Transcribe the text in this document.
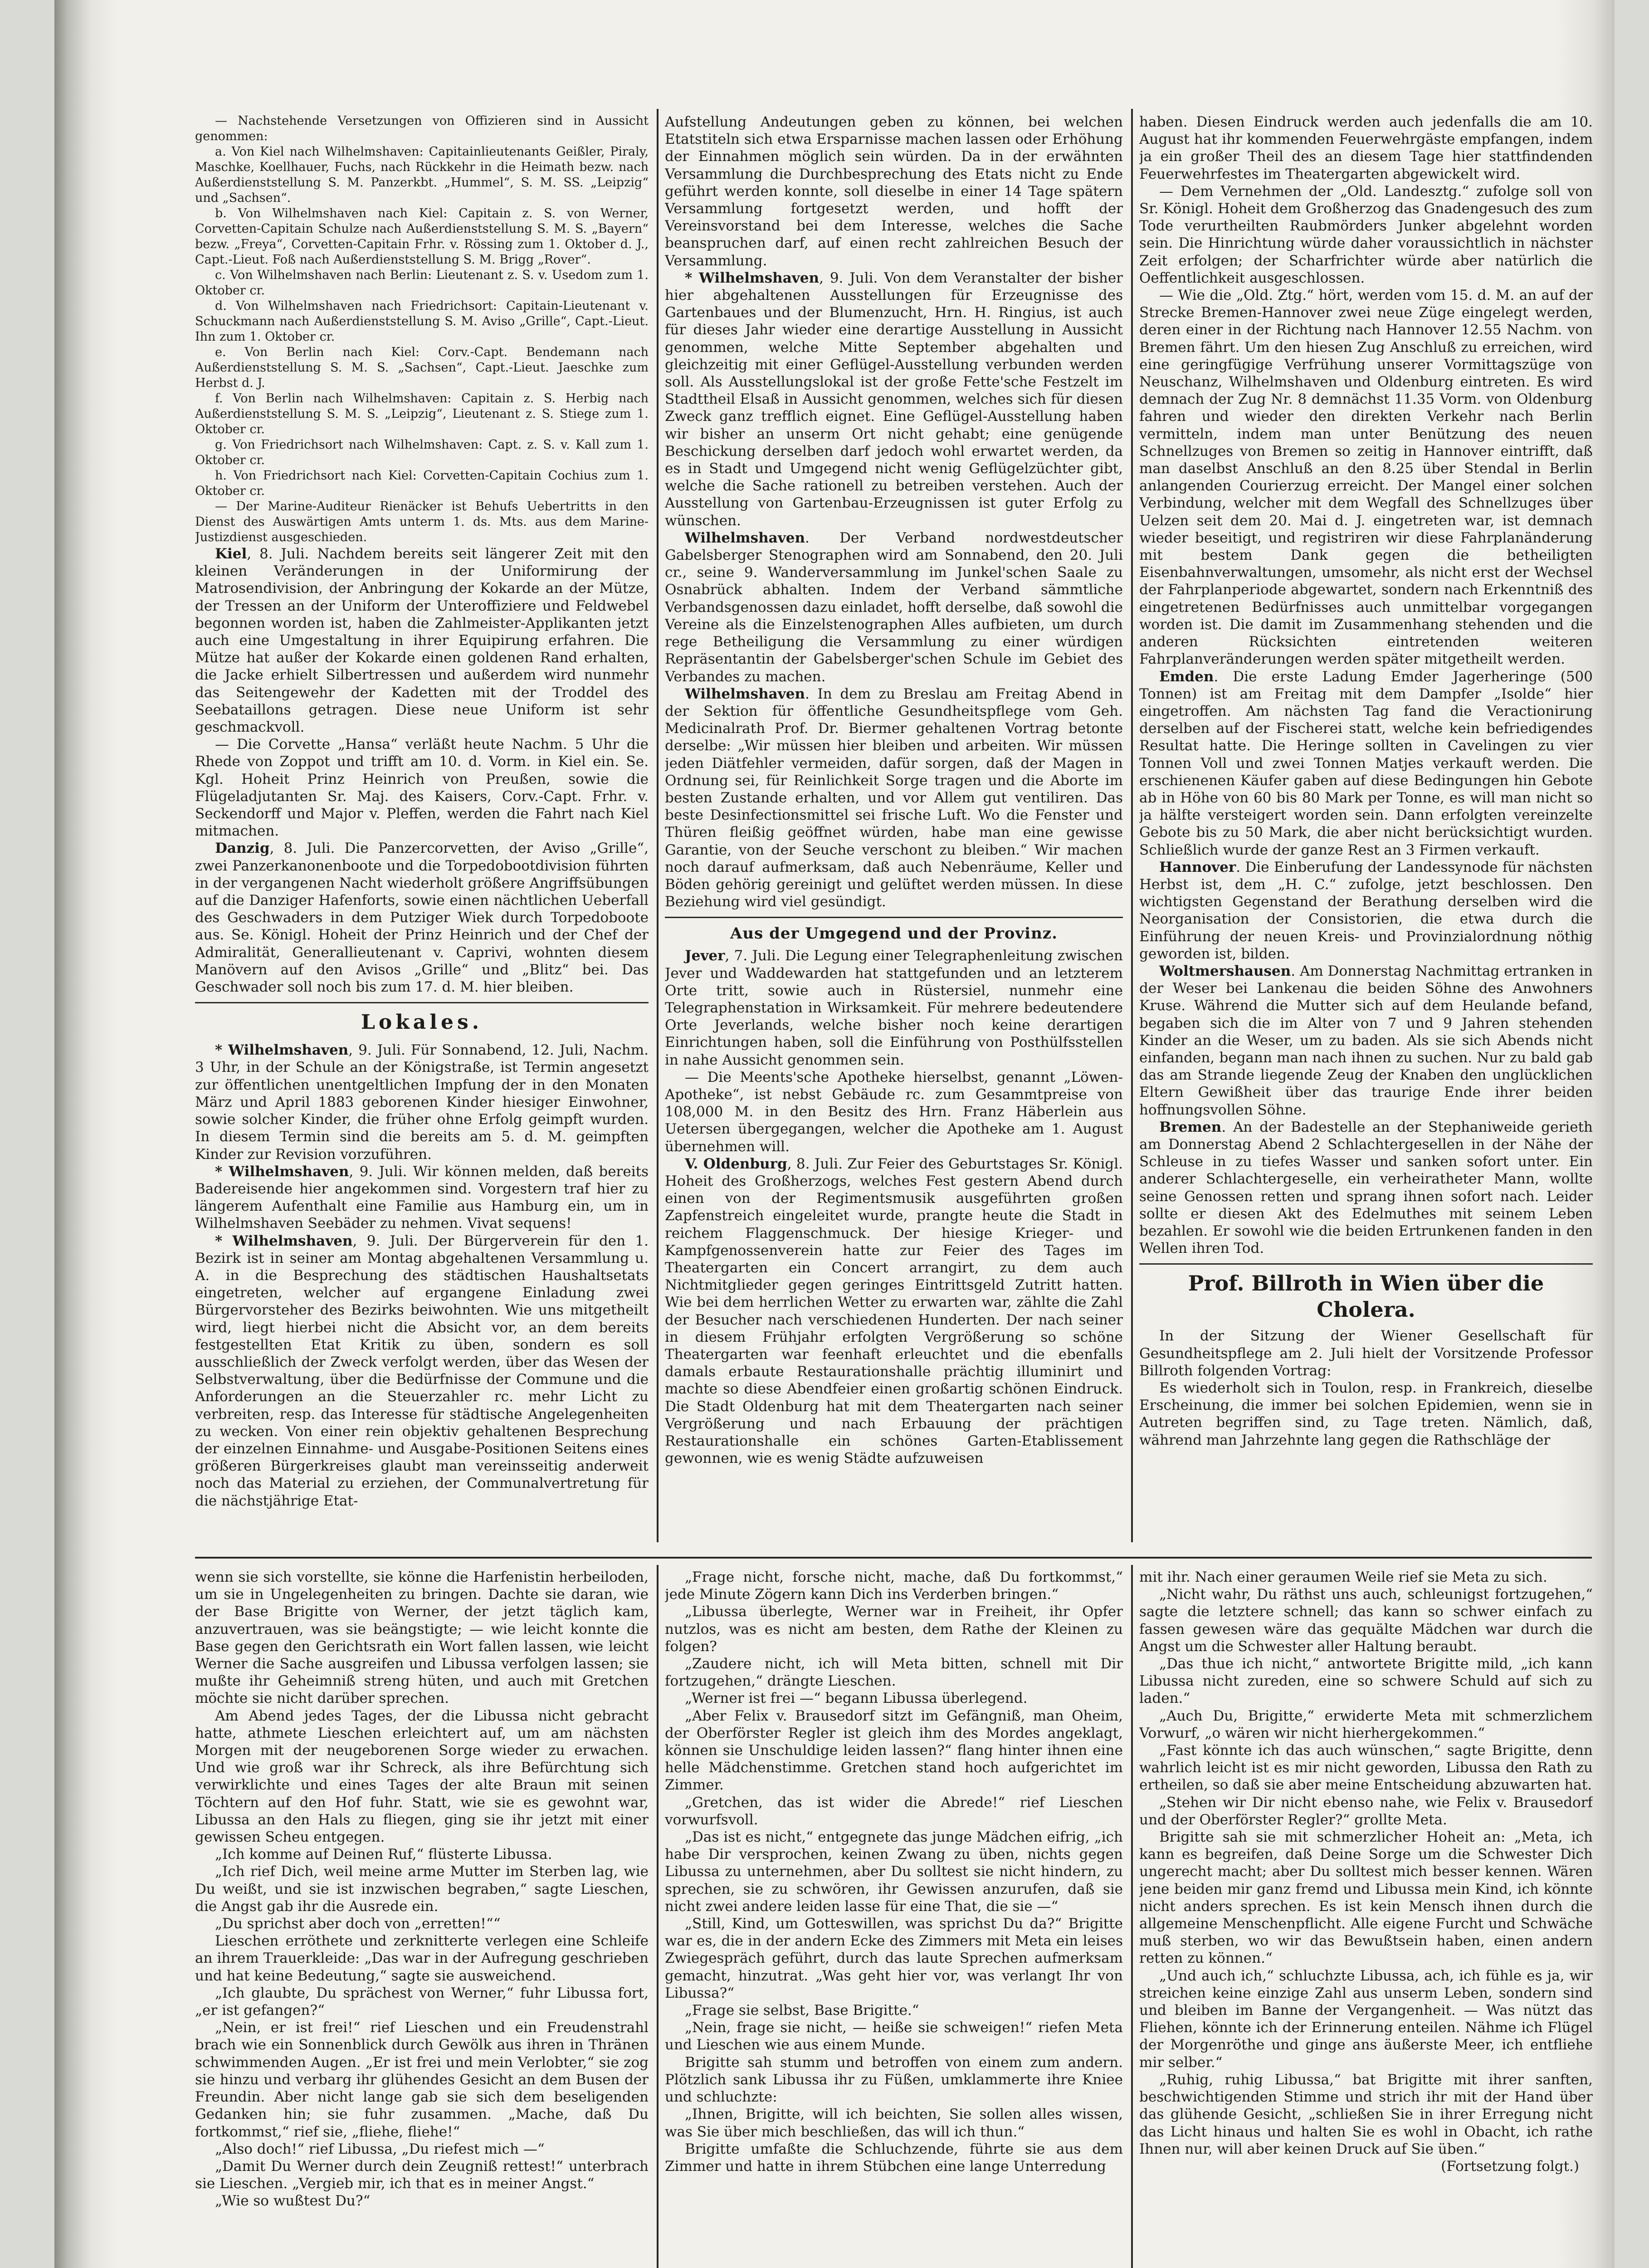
— Nachstehende Versetzungen von Offizieren sind in Aussicht genommen:

a. Von Kiel nach Wilhelmshaven: Capitainlieutenants Geißler, Piraly, Maschke, Koellhauer, Fuchs, nach Rückkehr in die Heimath bezw. nach Außerdienststellung S. M. Panzerkbt. „Hummel“, S. M. SS. „Leipzig“ und „Sachsen“.

b. Von Wilhelmshaven nach Kiel: Capitain z. S. von Werner, Corvetten-Capitain Schulze nach Außerdienststellung S. M. S. „Bayern“ bezw. „Freya“, Corvetten-Capitain Frhr. v. Rössing zum 1. Oktober d. J., Capt.-Lieut. Foß nach Außerdienststellung S. M. Brigg „Rover“.

c. Von Wilhelmshaven nach Berlin: Lieutenant z. S. v. Usedom zum 1. Oktober cr.

d. Von Wilhelmshaven nach Friedrichsort: Capitain-Lieutenant v. Schuckmann nach Außerdienststellung S. M. Aviso „Grille“, Capt.-Lieut. Ihn zum 1. Oktober cr.

e. Von Berlin nach Kiel: Corv.-Capt. Bendemann nach Außerdienststellung S. M. S. „Sachsen“, Capt.-Lieut. Jaeschke zum Herbst d. J.

f. Von Berlin nach Wilhelmshaven: Capitain z. S. Herbig nach Außerdienststellung S. M. S. „Leipzig“, Lieutenant z. S. Stiege zum 1. Oktober cr.

g. Von Friedrichsort nach Wilhelmshaven: Capt. z. S. v. Kall zum 1. Oktober cr.

h. Von Friedrichsort nach Kiel: Corvetten-Capitain Cochius zum 1. Oktober cr.

— Der Marine-Auditeur Rienäcker ist Behufs Uebertritts in den Dienst des Auswärtigen Amts unterm 1. ds. Mts. aus dem Marine-Justizdienst ausgeschieden.

Kiel, 8. Juli. Nachdem bereits seit längerer Zeit mit den kleinen Veränderungen in der Uniformirung der Matrosendivision, der Anbringung der Kokarde an der Mütze, der Tressen an der Uniform der Unteroffiziere und Feldwebel begonnen worden ist, haben die Zahlmeister-Applikanten jetzt auch eine Umgestaltung in ihrer Equipirung erfahren. Die Mütze hat außer der Kokarde einen goldenen Rand erhalten, die Jacke erhielt Silbertressen und außerdem wird nunmehr das Seitengewehr der Kadetten mit der Troddel des Seebataillons getragen. Diese neue Uniform ist sehr geschmackvoll.

— Die Corvette „Hansa“ verläßt heute Nachm. 5 Uhr die Rhede von Zoppot und trifft am 10. d. Vorm. in Kiel ein. Se. Kgl. Hoheit Prinz Heinrich von Preußen, sowie die Flügeladjutanten Sr. Maj. des Kaisers, Corv.-Capt. Frhr. v. Seckendorff und Major v. Pleffen, werden die Fahrt nach Kiel mitmachen.

Danzig, 8. Juli. Die Panzercorvetten, der Aviso „Grille“, zwei Panzerkanonenboote und die Torpedobootdivision führten in der vergangenen Nacht wiederholt größere Angriffsübungen auf die Danziger Hafenforts, sowie einen nächtlichen Ueberfall des Geschwaders in dem Putziger Wiek durch Torpedoboote aus. Se. Königl. Hoheit der Prinz Heinrich und der Chef der Admiralität, Generallieutenant v. Caprivi, wohnten diesem Manövern auf den Avisos „Grille“ und „Blitz“ bei. Das Geschwader soll noch bis zum 17. d. M. hier bleiben.

Lokales.

* Wilhelmshaven, 9. Juli. Für Sonnabend, 12. Juli, Nachm. 3 Uhr, in der Schule an der Königstraße, ist Termin angesetzt zur öffentlichen unentgeltlichen Impfung der in den Monaten März und April 1883 geborenen Kinder hiesiger Einwohner, sowie solcher Kinder, die früher ohne Erfolg geimpft wurden. In diesem Termin sind die bereits am 5. d. M. geimpften Kinder zur Revision vorzuführen.

* Wilhelmshaven, 9. Juli. Wir können melden, daß bereits Badereisende hier angekommen sind. Vorgestern traf hier zu längerem Aufenthalt eine Familie aus Hamburg ein, um in Wilhelmshaven Seebäder zu nehmen. Vivat sequens!

* Wilhelmshaven, 9. Juli. Der Bürgerverein für den 1. Bezirk ist in seiner am Montag abgehaltenen Versammlung u. A. in die Besprechung des städtischen Haushaltsetats eingetreten, welcher auf ergangene Einladung zwei Bürgervorsteher des Bezirks beiwohnten. Wie uns mitgetheilt wird, liegt hierbei nicht die Absicht vor, an dem bereits festgestellten Etat Kritik zu üben, sondern es soll ausschließlich der Zweck verfolgt werden, über das Wesen der Selbstverwaltung, über die Bedürfnisse der Commune und die Anforderungen an die Steuerzahler rc. mehr Licht zu verbreiten, resp. das Interesse für städtische Angelegenheiten zu wecken. Von einer rein objektiv gehaltenen Besprechung der einzelnen Einnahme- und Ausgabe-Positionen Seitens eines größeren Bürgerkreises glaubt man vereinsseitig anderweit noch das Material zu erziehen, der Communalvertretung für die nächstjährige Etat-

Aufstellung Andeutungen geben zu können, bei welchen Etatstiteln sich etwa Ersparnisse machen lassen oder Erhöhung der Einnahmen möglich sein würden. Da in der erwähnten Versammlung die Durchbesprechung des Etats nicht zu Ende geführt werden konnte, soll dieselbe in einer 14 Tage spätern Versammlung fortgesetzt werden, und hofft der Vereinsvorstand bei dem Interesse, welches die Sache beanspruchen darf, auf einen recht zahlreichen Besuch der Versammlung.

* Wilhelmshaven, 9. Juli. Von dem Veranstalter der bisher hier abgehaltenen Ausstellungen für Erzeugnisse des Gartenbaues und der Blumenzucht, Hrn. H. Ringius, ist auch für dieses Jahr wieder eine derartige Ausstellung in Aussicht genommen, welche Mitte September abgehalten und gleichzeitig mit einer Geflügel-Ausstellung verbunden werden soll. Als Ausstellungslokal ist der große Fette'sche Festzelt im Stadttheil Elsaß in Aussicht genommen, welches sich für diesen Zweck ganz trefflich eignet. Eine Geflügel-Ausstellung haben wir bisher an unserm Ort nicht gehabt; eine genügende Beschickung derselben darf jedoch wohl erwartet werden, da es in Stadt und Umgegend nicht wenig Geflügelzüchter gibt, welche die Sache rationell zu betreiben verstehen. Auch der Ausstellung von Gartenbau-Erzeugnissen ist guter Erfolg zu wünschen.

Wilhelmshaven. Der Verband nordwestdeutscher Gabelsberger Stenographen wird am Sonnabend, den 20. Juli cr., seine 9. Wanderversammlung im Junkel'schen Saale zu Osnabrück abhalten. Indem der Verband sämmtliche Verbandsgenossen dazu einladet, hofft derselbe, daß sowohl die Vereine als die Einzelstenographen Alles aufbieten, um durch rege Betheiligung die Versammlung zu einer würdigen Repräsentantin der Gabelsberger'schen Schule im Gebiet des Verbandes zu machen.

Wilhelmshaven. In dem zu Breslau am Freitag Abend in der Sektion für öffentliche Gesundheitspflege vom Geh. Medicinalrath Prof. Dr. Biermer gehaltenen Vortrag betonte derselbe: „Wir müssen hier bleiben und arbeiten. Wir müssen jeden Diätfehler vermeiden, dafür sorgen, daß der Magen in Ordnung sei, für Reinlichkeit Sorge tragen und die Aborte im besten Zustande erhalten, und vor Allem gut ventiliren. Das beste Desinfectionsmittel sei frische Luft. Wo die Fenster und Thüren fleißig geöffnet würden, habe man eine gewisse Garantie, von der Seuche verschont zu bleiben.“ Wir machen noch darauf aufmerksam, daß auch Nebenräume, Keller und Böden gehörig gereinigt und gelüftet werden müssen. In diese Beziehung wird viel gesündigt.

Aus der Umgegend und der Provinz.

Jever, 7. Juli. Die Legung einer Telegraphenleitung zwischen Jever und Waddewarden hat stattgefunden und an letzterem Orte tritt, sowie auch in Rüstersiel, nunmehr eine Telegraphenstation in Wirksamkeit. Für mehrere bedeutendere Orte Jeverlands, welche bisher noch keine derartigen Einrichtungen haben, soll die Einführung von Posthülfsstellen in nahe Aussicht genommen sein.

— Die Meents'sche Apotheke hierselbst, genannt „Löwen-Apotheke“, ist nebst Gebäude rc. zum Gesammtpreise von 108,000 M. in den Besitz des Hrn. Franz Häberlein aus Uetersen übergegangen, welcher die Apotheke am 1. August übernehmen will.

V. Oldenburg, 8. Juli. Zur Feier des Geburtstages Sr. Königl. Hoheit des Großherzogs, welches Fest gestern Abend durch einen von der Regimentsmusik ausgeführten großen Zapfenstreich eingeleitet wurde, prangte heute die Stadt in reichem Flaggenschmuck. Der hiesige Krieger- und Kampfgenossenverein hatte zur Feier des Tages im Theatergarten ein Concert arrangirt, zu dem auch Nichtmitglieder gegen geringes Eintrittsgeld Zutritt hatten. Wie bei dem herrlichen Wetter zu erwarten war, zählte die Zahl der Besucher nach verschiedenen Hunderten. Der nach seiner in diesem Frühjahr erfolgten Vergrößerung so schöne Theatergarten war feenhaft erleuchtet und die ebenfalls damals erbaute Restaurationshalle prächtig illuminirt und machte so diese Abendfeier einen großartig schönen Eindruck. Die Stadt Oldenburg hat mit dem Theatergarten nach seiner Vergrößerung und nach Erbauung der prächtigen Restaurationshalle ein schönes Garten-Etablissement gewonnen, wie es wenig Städte aufzuweisen

haben. Diesen Eindruck werden auch jedenfalls die am 10. August hat ihr kommenden Feuerwehrgäste empfangen, indem ja ein großer Theil des an diesem Tage hier stattfindenden Feuerwehrfestes im Theatergarten abgewickelt wird.

— Dem Vernehmen der „Old. Landesztg.“ zufolge soll von Sr. Königl. Hoheit dem Großherzog das Gnadengesuch des zum Tode verurtheilten Raubmörders Junker abgelehnt worden sein. Die Hinrichtung würde daher voraussichtlich in nächster Zeit erfolgen; der Scharfrichter würde aber natürlich die Oeffentlichkeit ausgeschlossen.

— Wie die „Old. Ztg.“ hört, werden vom 15. d. M. an auf der Strecke Bremen-Hannover zwei neue Züge eingelegt werden, deren einer in der Richtung nach Hannover 12.55 Nachm. von Bremen fährt. Um den hiesen Zug Anschluß zu erreichen, wird eine geringfügige Verfrühung unserer Vormittagszüge von Neuschanz, Wilhelmshaven und Oldenburg eintreten. Es wird demnach der Zug Nr. 8 demnächst 11.35 Vorm. von Oldenburg fahren und wieder den direkten Verkehr nach Berlin vermitteln, indem man unter Benützung des neuen Schnellzuges von Bremen so zeitig in Hannover eintrifft, daß man daselbst Anschluß an den 8.25 über Stendal in Berlin anlangenden Courierzug erreicht. Der Mangel einer solchen Verbindung, welcher mit dem Wegfall des Schnellzuges über Uelzen seit dem 20. Mai d. J. eingetreten war, ist demnach wieder beseitigt, und registriren wir diese Fahrplanänderung mit bestem Dank gegen die betheiligten Eisenbahnverwaltungen, umsomehr, als nicht erst der Wechsel der Fahrplanperiode abgewartet, sondern nach Erkenntniß des eingetretenen Bedürfnisses auch unmittelbar vorgegangen worden ist. Die damit im Zusammenhang stehenden und die anderen Rücksichten eintretenden weiteren Fahrplanveränderungen werden später mitgetheilt werden.

Emden. Die erste Ladung Emder Jagerheringe (500 Tonnen) ist am Freitag mit dem Dampfer „Isolde“ hier eingetroffen. Am nächsten Tag fand die Veractionirung derselben auf der Fischerei statt, welche kein befriedigendes Resultat hatte. Die Heringe sollten in Cavelingen zu vier Tonnen Voll und zwei Tonnen Matjes verkauft werden. Die erschienenen Käufer gaben auf diese Bedingungen hin Gebote ab in Höhe von 60 bis 80 Mark per Tonne, es will man nicht so ja hälfte versteigert worden sein. Dann erfolgten vereinzelte Gebote bis zu 50 Mark, die aber nicht berücksichtigt wurden. Schließlich wurde der ganze Rest an 3 Firmen verkauft.

Hannover. Die Einberufung der Landessynode für nächsten Herbst ist, dem „H. C.“ zufolge, jetzt beschlossen. Den wichtigsten Gegenstand der Berathung derselben wird die Neorganisation der Consistorien, die etwa durch die Einführung der neuen Kreis- und Provinzialordnung nöthig geworden ist, bilden.

Woltmershausen. Am Donnerstag Nachmittag ertranken in der Weser bei Lankenau die beiden Söhne des Anwohners Kruse. Während die Mutter sich auf dem Heulande befand, begaben sich die im Alter von 7 und 9 Jahren stehenden Kinder an die Weser, um zu baden. Als sie sich Abends nicht einfanden, begann man nach ihnen zu suchen. Nur zu bald gab das am Strande liegende Zeug der Knaben den unglücklichen Eltern Gewißheit über das traurige Ende ihrer beiden hoffnungsvollen Söhne.

Bremen. An der Badestelle an der Stephaniweide gerieth am Donnerstag Abend 2 Schlachtergesellen in der Nähe der Schleuse in zu tiefes Wasser und sanken sofort unter. Ein anderer Schlachtergeselle, ein verheiratheter Mann, wollte seine Genossen retten und sprang ihnen sofort nach. Leider sollte er diesen Akt des Edelmuthes mit seinem Leben bezahlen. Er sowohl wie die beiden Ertrunkenen fanden in den Wellen ihren Tod.

Prof. Billroth in Wien über die Cholera.

In der Sitzung der Wiener Gesellschaft für Gesundheitspflege am 2. Juli hielt der Vorsitzende Professor Billroth folgenden Vortrag:

Es wiederholt sich in Toulon, resp. in Frankreich, dieselbe Erscheinung, die immer bei solchen Epidemien, wenn sie in Autreten begriffen sind, zu Tage treten. Nämlich, daß, während man Jahrzehnte lang gegen die Rathschläge der

wenn sie sich vorstellte, sie könne die Harfenistin herbeiloden, um sie in Ungelegenheiten zu bringen. Dachte sie daran, wie der Base Brigitte von Werner, der jetzt täglich kam, anzuvertrauen, was sie beängstigte; — wie leicht konnte die Base gegen den Gerichtsrath ein Wort fallen lassen, wie leicht Werner die Sache ausgreifen und Libussa verfolgen lassen; sie mußte ihr Geheimniß streng hüten, und auch mit Gretchen möchte sie nicht darüber sprechen.

Am Abend jedes Tages, der die Libussa nicht gebracht hatte, athmete Lieschen erleichtert auf, um am nächsten Morgen mit der neugeborenen Sorge wieder zu erwachen. Und wie groß war ihr Schreck, als ihre Befürchtung sich verwirklichte und eines Tages der alte Braun mit seinen Töchtern auf den Hof fuhr. Statt, wie sie es gewohnt war, Libussa an den Hals zu fliegen, ging sie ihr jetzt mit einer gewissen Scheu entgegen.

„Ich komme auf Deinen Ruf,“ flüsterte Libussa.

„Ich rief Dich, weil meine arme Mutter im Sterben lag, wie Du weißt, und sie ist inzwischen begraben,“ sagte Lieschen, die Angst gab ihr die Ausrede ein.

„Du sprichst aber doch von „erretten!““

Lieschen erröthete und zerknitterte verlegen eine Schleife an ihrem Trauerkleide: „Das war in der Aufregung geschrieben und hat keine Bedeutung,“ sagte sie ausweichend.

„Ich glaubte, Du sprächest von Werner,“ fuhr Libussa fort, „er ist gefangen?“

„Nein, er ist frei!“ rief Lieschen und ein Freudenstrahl brach wie ein Sonnenblick durch Gewölk aus ihren in Thränen schwimmenden Augen. „Er ist frei und mein Verlobter,“ sie zog sie hinzu und verbarg ihr glühendes Gesicht an dem Busen der Freundin. Aber nicht lange gab sie sich dem beseligenden Gedanken hin; sie fuhr zusammen. „Mache, daß Du fortkommst,“ rief sie, „fliehe, fliehe!“

„Also doch!“ rief Libussa, „Du riefest mich —“

„Damit Du Werner durch dein Zeugniß rettest!“ unterbrach sie Lieschen. „Vergieb mir, ich that es in meiner Angst.“

„Wie so wußtest Du?“

„Frage nicht, forsche nicht, mache, daß Du fortkommst,“ jede Minute Zögern kann Dich ins Verderben bringen.“

„Libussa überlegte, Werner war in Freiheit, ihr Opfer nutzlos, was es nicht am besten, dem Rathe der Kleinen zu folgen?

„Zaudere nicht, ich will Meta bitten, schnell mit Dir fortzugehen,“ drängte Lieschen.

„Werner ist frei —“ begann Libussa überlegend.

„Aber Felix v. Brausedorf sitzt im Gefängniß, man Oheim, der Oberförster Regler ist gleich ihm des Mordes angeklagt, können sie Unschuldige leiden lassen?“ flang hinter ihnen eine helle Mädchenstimme. Gretchen stand hoch aufgerichtet im Zimmer.

„Gretchen, das ist wider die Abrede!“ rief Lieschen vorwurfsvoll.

„Das ist es nicht,“ entgegnete das junge Mädchen eifrig, „ich habe Dir versprochen, keinen Zwang zu üben, nichts gegen Libussa zu unternehmen, aber Du solltest sie nicht hindern, zu sprechen, sie zu schwören, ihr Gewissen anzurufen, daß sie nicht zwei andere leiden lasse für eine That, die sie —“

„Still, Kind, um Gotteswillen, was sprichst Du da?“ Brigitte war es, die in der andern Ecke des Zimmers mit Meta ein leises Zwiegespräch geführt, durch das laute Sprechen aufmerksam gemacht, hinzutrat. „Was geht hier vor, was verlangt Ihr von Libussa?“

„Frage sie selbst, Base Brigitte.“

„Nein, frage sie nicht, — heiße sie schweigen!“ riefen Meta und Lieschen wie aus einem Munde.

Brigitte sah stumm und betroffen von einem zum andern. Plötzlich sank Libussa ihr zu Füßen, umklammerte ihre Kniee und schluchzte:

„Ihnen, Brigitte, will ich beichten, Sie sollen alles wissen, was Sie über mich beschließen, das will ich thun.“

Brigitte umfaßte die Schluchzende, führte sie aus dem Zimmer und hatte in ihrem Stübchen eine lange Unterredung

mit ihr. Nach einer geraumen Weile rief sie Meta zu sich.

„Nicht wahr, Du räthst uns auch, schleunigst fortzugehen,“ sagte die letztere schnell; das kann so schwer einfach zu fassen gewesen wäre das gequälte Mädchen war durch die Angst um die Schwester aller Haltung beraubt.

„Das thue ich nicht,“ antwortete Brigitte mild, „ich kann Libussa nicht zureden, eine so schwere Schuld auf sich zu laden.“

„Auch Du, Brigitte,“ erwiderte Meta mit schmerzlichem Vorwurf, „o wären wir nicht hierhergekommen.“

„Fast könnte ich das auch wünschen,“ sagte Brigitte, denn wahrlich leicht ist es mir nicht geworden, Libussa den Rath zu ertheilen, so daß sie aber meine Entscheidung abzuwarten hat.

„Stehen wir Dir nicht ebenso nahe, wie Felix v. Brausedorf und der Oberförster Regler?“ grollte Meta.

Brigitte sah sie mit schmerzlicher Hoheit an: „Meta, ich kann es begreifen, daß Deine Sorge um die Schwester Dich ungerecht macht; aber Du solltest mich besser kennen. Wären jene beiden mir ganz fremd und Libussa mein Kind, ich könnte nicht anders sprechen. Es ist kein Mensch ihnen durch die allgemeine Menschenpflicht. Alle eigene Furcht und Schwäche muß sterben, wo wir das Bewußtsein haben, einen andern retten zu können.“

„Und auch ich,“ schluchzte Libussa, ach, ich fühle es ja, wir streichen keine einzige Zahl aus unserm Leben, sondern sind und bleiben im Banne der Vergangenheit. — Was nützt das Fliehen, könnte ich der Erinnerung enteilen. Nähme ich Flügel der Morgenröthe und ginge ans äußerste Meer, ich entfliehe mir selber.“

„Ruhig, ruhig Libussa,“ bat Brigitte mit ihrer sanften, beschwichtigenden Stimme und strich ihr mit der Hand über das glühende Gesicht, „schließen Sie in ihrer Erregung nicht das Licht hinaus und halten Sie es wohl in Obacht, ich rathe Ihnen nur, will aber keinen Druck auf Sie üben.“

(Fortsetzung folgt.)
